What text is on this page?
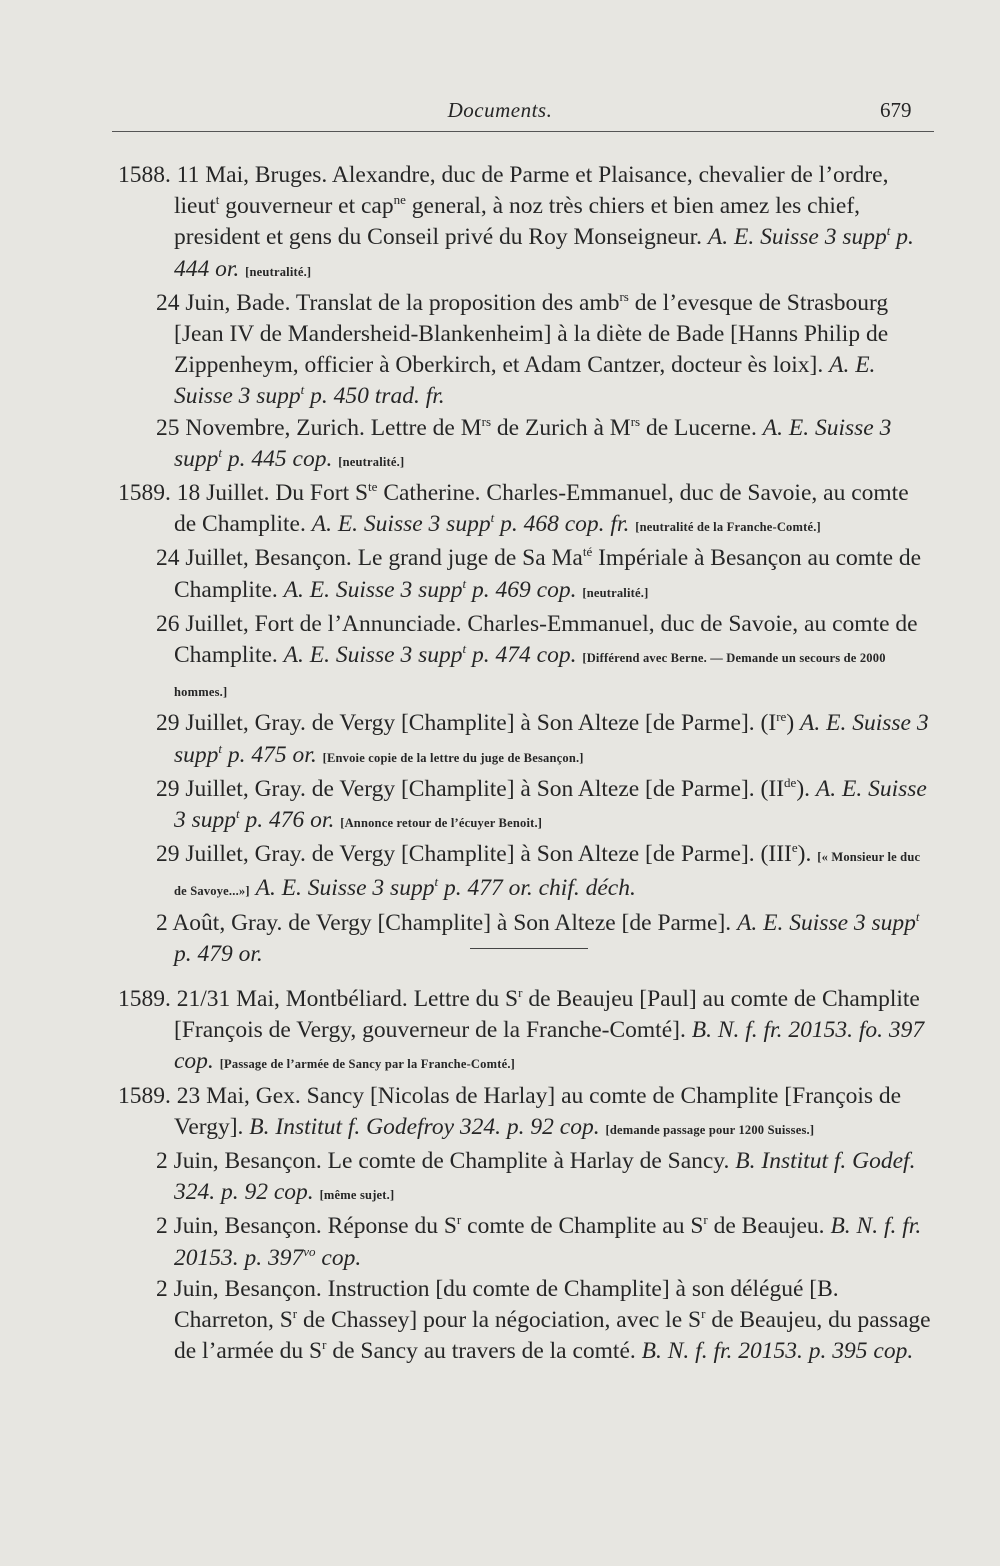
Documents.	679
1588. 11 Mai, Bruges. Alexandre, duc de Parme et Plaisance, chevalier de l’ordre, lieut$^t$ gouverneur et cap$^{ne}$ general, à noz très chiers et bien amez les chief, president et gens du Conseil privé du Roy Monseigneur. A. E. Suisse 3 supp$^t$ p. 444 or. [neutralité.]
24 Juin, Bade. Translat de la proposition des amb$^{rs}$ de l’evesque de Strasbourg [Jean IV de Mandersheid-Blankenheim] à la diète de Bade [Hanns Philip de Zippenheym, officier à Oberkirch, et Adam Cantzer, docteur ès loix]. A. E. Suisse 3 supp$^t$ p. 450 trad. fr.
25 Novembre, Zurich. Lettre de $M^{rs}$ de Zurich à $M^{rs}$ de Lucerne. A. E. Suisse 3 supp$^t$ p. 445 cop. [neutralité.]
1589. 18 Juillet. Du Fort $S^{te}$ Catherine. Charles-Emmanuel, duc de Savoie, au comte de Champlite. A. E. Suisse 3 supp$^t$ p. 468 cop. fr. [neutralité de la Franche-Comté.]
24 Juillet, Besançon. Le grand juge de Sa $Ma^{té}$ Impériale à Besançon au comte de Champlite. A. E. Suisse 3 supp$^t$ p. 469 cop. [neutralité.]
26 Juillet, Fort de l’Annunciade. Charles-Emmanuel, duc de Savoie, au comte de Champlite. A. E. Suisse 3 supp$^t$ p. 474 cop. [Différend avec Berne. — Demande un secours de 2000 hommes.]
29 Juillet, Gray. de Vergy [Champlite] à Son Alteze [de Parme]. (Ire) A. E. Suisse 3 supp$^t$ p. 475 or. [Envoie copie de la lettre du juge de Besançon.]
29 Juillet, Gray. de Vergy [Champlite] à Son Alteze [de Parme]. (IIde). A. E. Suisse 3 supp$^t$ p. 476 or. [Annonce retour de l’écuyer Benoit.]
29 Juillet, Gray. de Vergy [Champlite] à Son Alteze [de Parme]. (IIIe). [« Monsieur le duc de Savoye...»] A. E. Suisse 3 supp$^t$ p. 477 or. chif. déch.
2 Août, Gray. de Vergy [Champlite] à Son Alteze [de Parme]. A. E. Suisse 3 supp$^t$ p. 479 or.
1589. 21/31 Mai, Montbéliard. Lettre du $S^r$ de Beaujeu [Paul] au comte de Champlite [François de Vergy, gouverneur de la Franche-Comté]. B. N. f. fr. 20153. fo. 397 cop. [Passage de l’armée de Sancy par la Franche-Comté.]
1589. 23 Mai, Gex. Sancy [Nicolas de Harlay] au comte de Champlite [François de Vergy]. B. Institut f. Godefroy 324. p. 92 cop. [demande passage pour 1200 Suisses.]
2 Juin, Besançon. Le comte de Champlite à Harlay de Sancy. B. Institut f. Godef. 324. p. 92 cop. [même sujet.]
2 Juin, Besançon. Réponse du $S^r$ comte de Champlite au $S^r$ de Beaujeu. B. N. f. fr. 20153. p. $397^{vo}$ cop.
2 Juin, Besançon. Instruction [du comte de Champlite] à son délégué [B. Charreton, $S^r$ de Chassey] pour la négociation, avec le $S^r$ de Beaujeu, du passage de l’armée du $S^r$ de Sancy au travers de la comté. B. N. f. fr. 20153. p. 395 cop.
